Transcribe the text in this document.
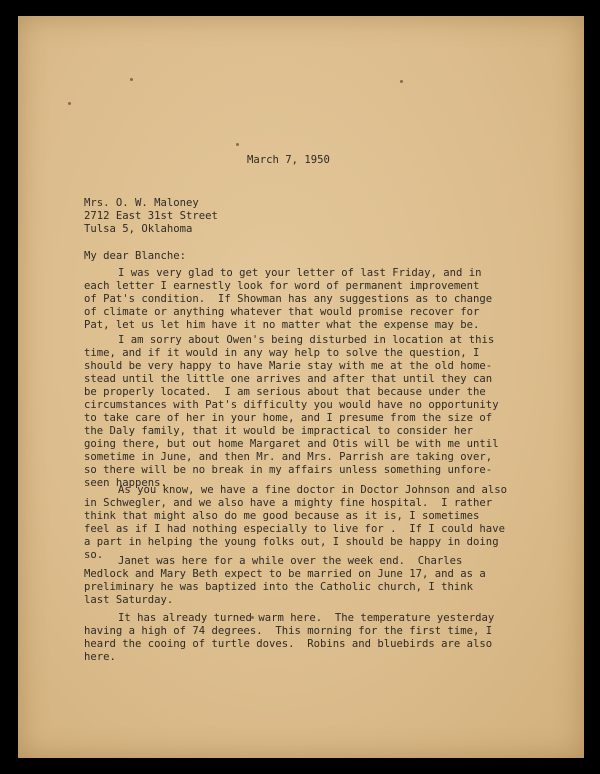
March 7, 1950
Mrs. O. W. Maloney
2712 East 31st Street
Tulsa 5, Oklahoma
My dear Blanche:
I was very glad to get your letter of last Friday, and in
each letter I earnestly look for word of permanent improvement
of Pat's condition.  If Showman has any suggestions as to change
of climate or anything whatever that would promise recover for
Pat, let us let him have it no matter what the expense may be.
I am sorry about Owen's being disturbed in location at this
time, and if it would in any way help to solve the question, I
should be very happy to have Marie stay with me at the old home-
stead until the little one arrives and after that until they can
be properly located.  I am serious about that because under the
circumstances with Pat's difficulty you would have no opportunity
to take care of her in your home, and I presume from the size of
the Daly family, that it would be impractical to consider her
going there, but out home Margaret and Otis will be with me until
sometime in June, and then Mr. and Mrs. Parrish are taking over,
so there will be no break in my affairs unless something unfore-
seen happens.
As you know, we have a fine doctor in Doctor Johnson and also
in Schwegler, and we also have a mighty fine hospital.  I rather
think that might also do me good because as it is, I sometimes
feel as if I had nothing especially to live for .  If I could have
a part in helping the young folks out, I should be happy in doing
so.	Janet was here for a while over the week end.  Charles
Medlock and Mary Beth expect to be married on June 17, and as a
preliminary he was baptized into the Catholic church, I think
last Saturday.
It has already turned warm here.  The temperature yesterday
having a high of 74 degrees.  This morning for the first time, I
heard the cooing of turtle doves.  Robins and bluebirds are also
here.
